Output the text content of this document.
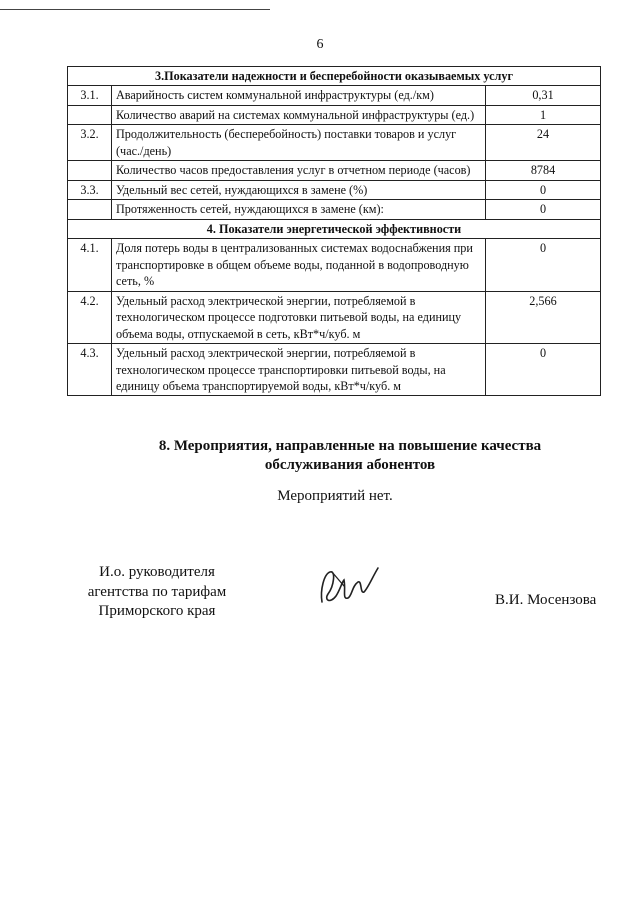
6
3.Показатели надежности и бесперебойности оказываемых услуг		
3.1.	Аварийность систем коммунальной инфраструктуры (ед./км)	0,31
	Количество аварий на системах коммунальной инфраструктуры (ед.)	1
3.2.	Продолжительность (бесперебойность) поставки товаров и услуг (час./день)	24
	Количество часов предоставления услуг в отчетном периоде (часов)	8784
3.3.	Удельный вес сетей, нуждающихся в замене (%)	0
	Протяженность сетей, нуждающихся в замене (км):	0
4. Показатели энергетической эффективности		
4.1.	Доля потерь воды в централизованных системах водоснабжения при транспортировке в общем объеме воды, поданной в водопроводную сеть, %	0
4.2.	Удельный расход электрической энергии, потребляемой в технологическом процессе подготовки питьевой воды, на единицу объема воды, отпускаемой в сеть, кВт*ч/куб. м	2,566
4.3.	Удельный расход электрической энергии, потребляемой в технологическом процессе транспортировки питьевой воды, на единицу объема транспортируемой воды, кВт*ч/куб. м	0
8. Мероприятия, направленные на повышение качества
обслуживания абонентов
Мероприятий нет.
И.о. руководителя
агентства по тарифам
Приморского края
В.И. Мосензова
